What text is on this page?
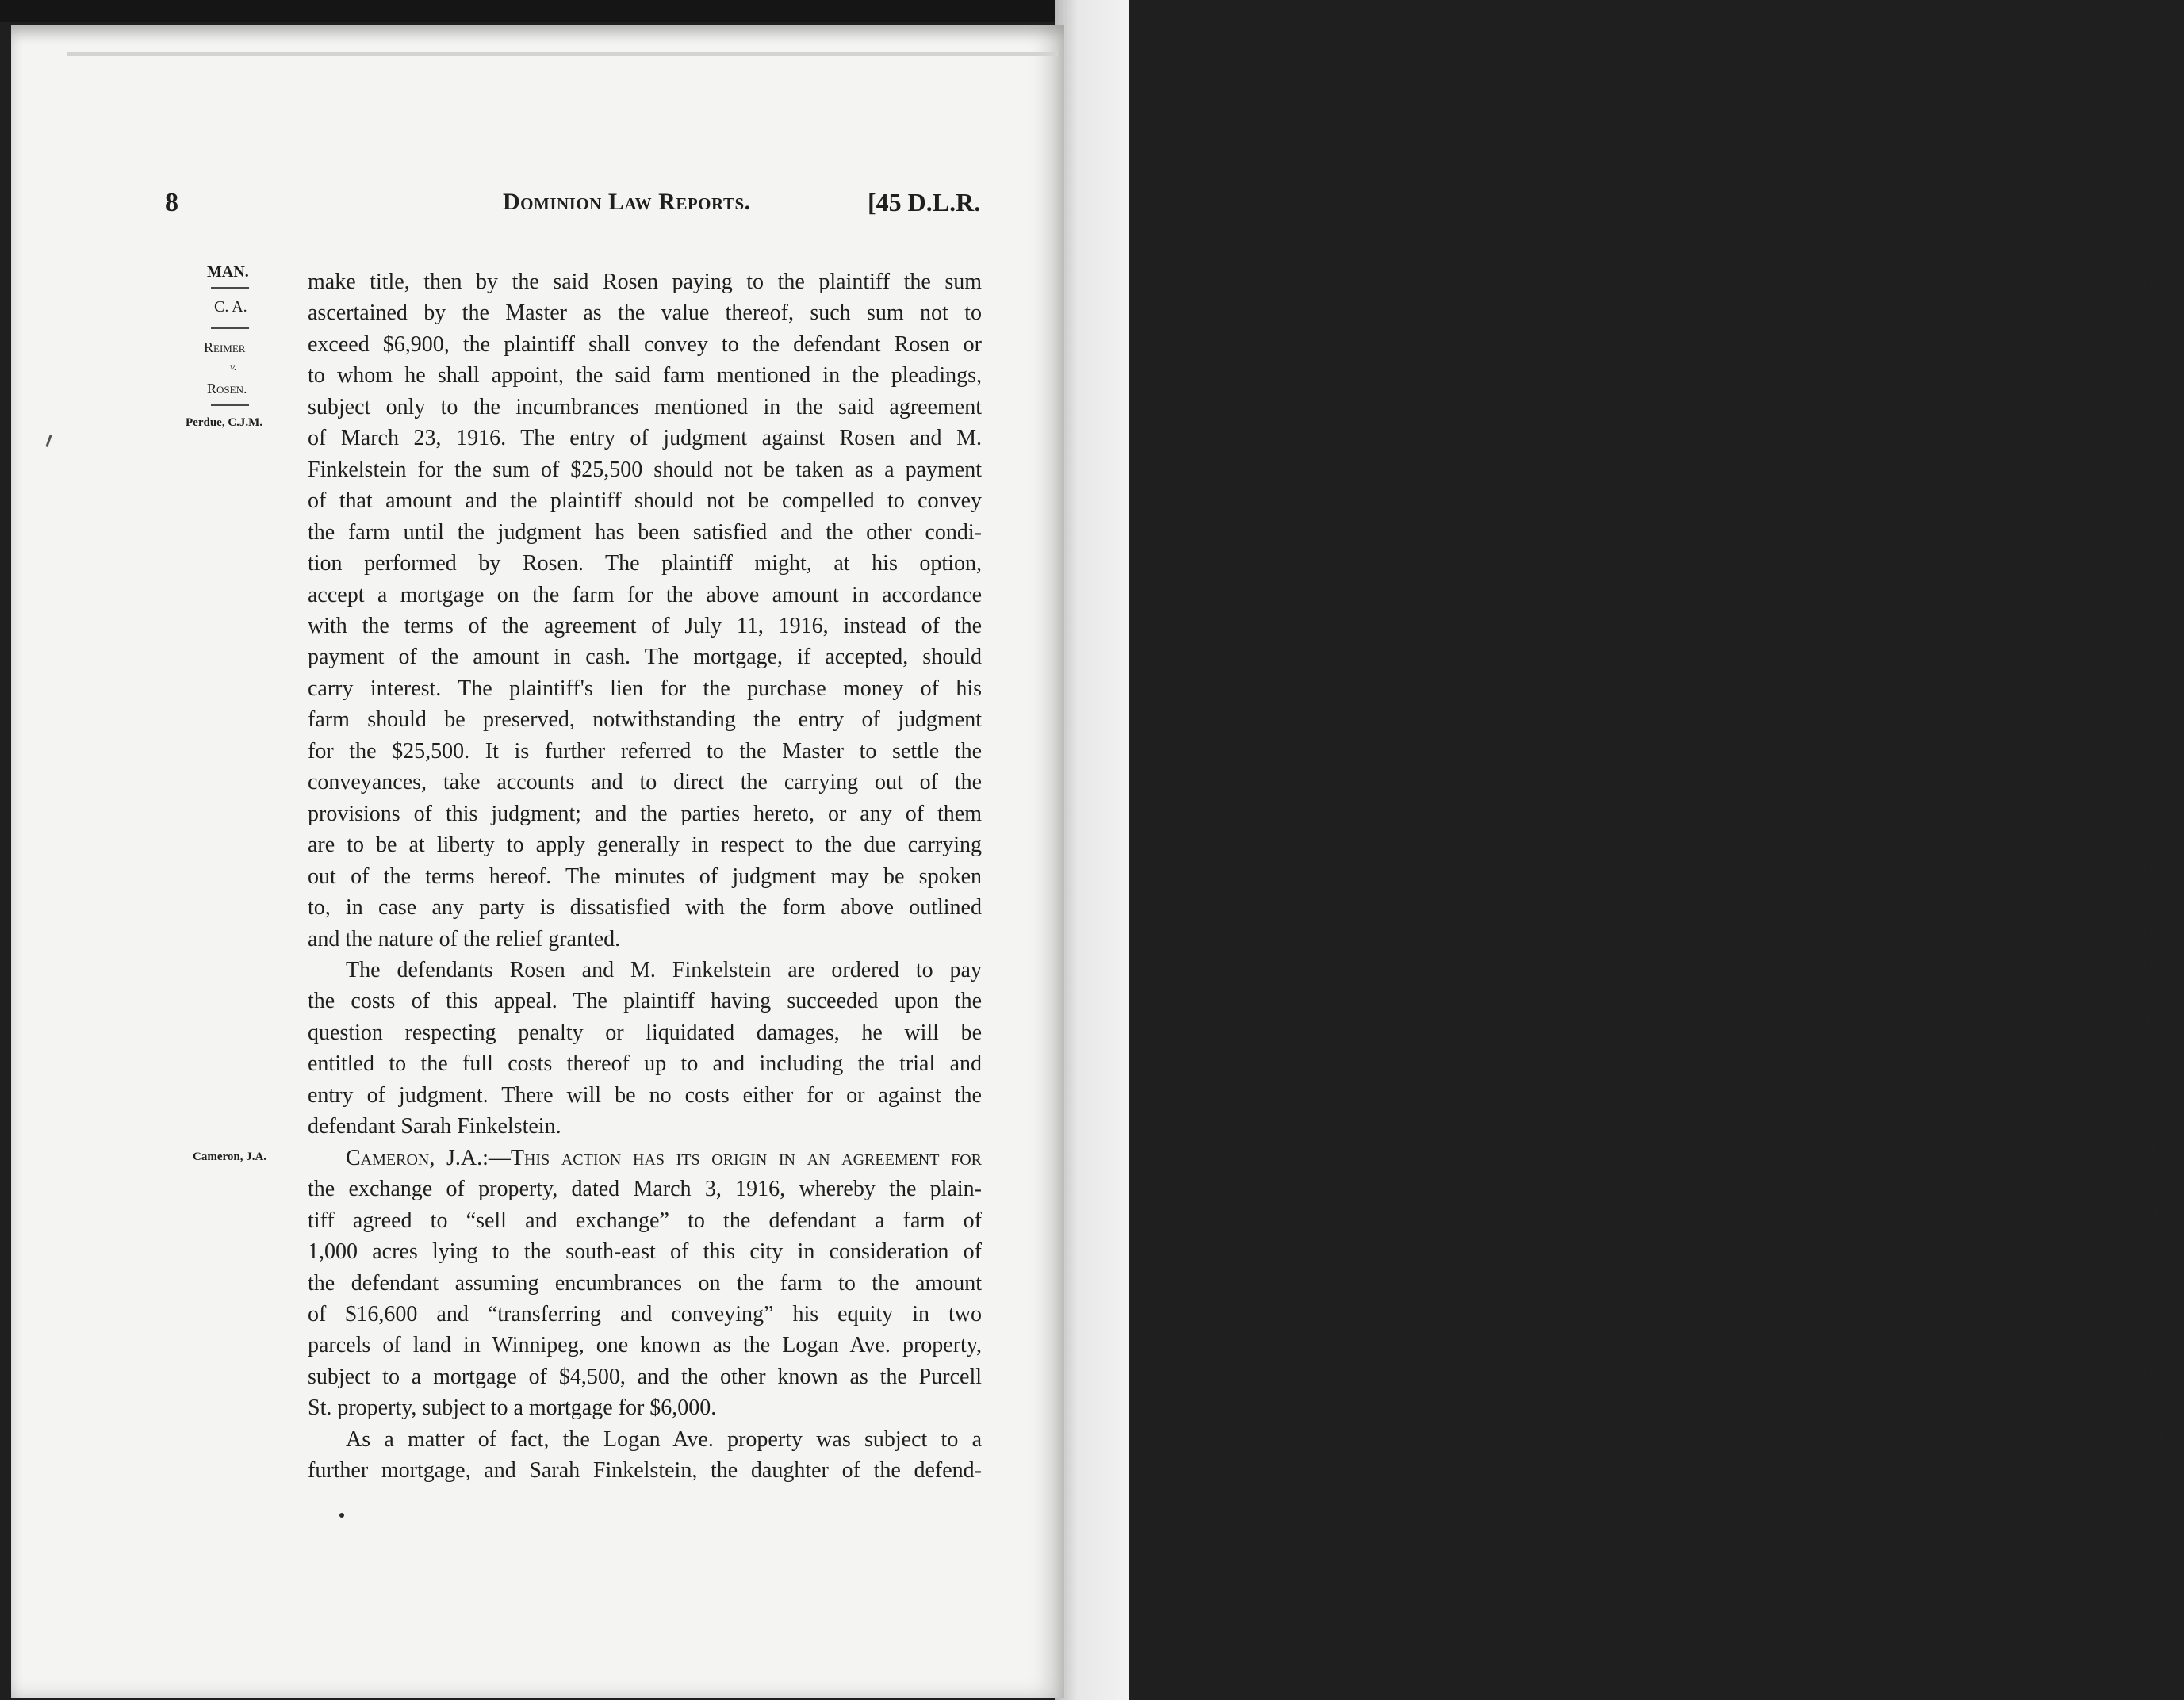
a
i
e
p
a
p
t
i
v
s
t
t
a
u
n
c
n
$
tl
tl
T
A
cl
el
A
of
Fi
R
G
se
it
H
an
sh
8	Dominion Law Reports.	[45 D.L.R.
MAN.
C. A.
Reimer
v.
Rosen.
Perdue, C.J.M.
Cameron, J.A.
make title, then by the said Rosen paying to the plaintiff the sum
ascertained by the Master as the value thereof, such sum not to
exceed $6,900, the plaintiff shall convey to the defendant Rosen or
to whom he shall appoint, the said farm mentioned in the pleadings,
subject only to the incumbrances mentioned in the said agreement
of March 23, 1916. The entry of judgment against Rosen and M.
Finkelstein for the sum of $25,500 should not be taken as a payment
of that amount and the plaintiff should not be compelled to convey
the farm until the judgment has been satisfied and the other condi-
tion performed by Rosen. The plaintiff might, at his option,
accept a mortgage on the farm for the above amount in accordance
with the terms of the agreement of July 11, 1916, instead of the
payment of the amount in cash. The mortgage, if accepted, should
carry interest. The plaintiff's lien for the purchase money of his
farm should be preserved, notwithstanding the entry of judgment
for the $25,500. It is further referred to the Master to settle the
conveyances, take accounts and to direct the carrying out of the
provisions of this judgment; and the parties hereto, or any of them
are to be at liberty to apply generally in respect to the due carrying
out of the terms hereof. The minutes of judgment may be spoken
to, in case any party is dissatisfied with the form above outlined
and the nature of the relief granted.
The defendants Rosen and M. Finkelstein are ordered to pay
the costs of this appeal. The plaintiff having succeeded upon the
question respecting penalty or liquidated damages, he will be
entitled to the full costs thereof up to and including the trial and
entry of judgment. There will be no costs either for or against the
defendant Sarah Finkelstein.
Cameron, J.A.:—This action has its origin in an agreement for
the exchange of property, dated March 3, 1916, whereby the plain-
tiff agreed to “sell and exchange” to the defendant a farm of
1,000 acres lying to the south-east of this city in consideration of
the defendant assuming encumbrances on the farm to the amount
of $16,600 and “transferring and conveying” his equity in two
parcels of land in Winnipeg, one known as the Logan Ave. property,
subject to a mortgage of $4,500, and the other known as the Purcell
St. property, subject to a mortgage for $6,000.
As a matter of fact, the Logan Ave. property was subject to a
further mortgage, and Sarah Finkelstein, the daughter of the defend-
